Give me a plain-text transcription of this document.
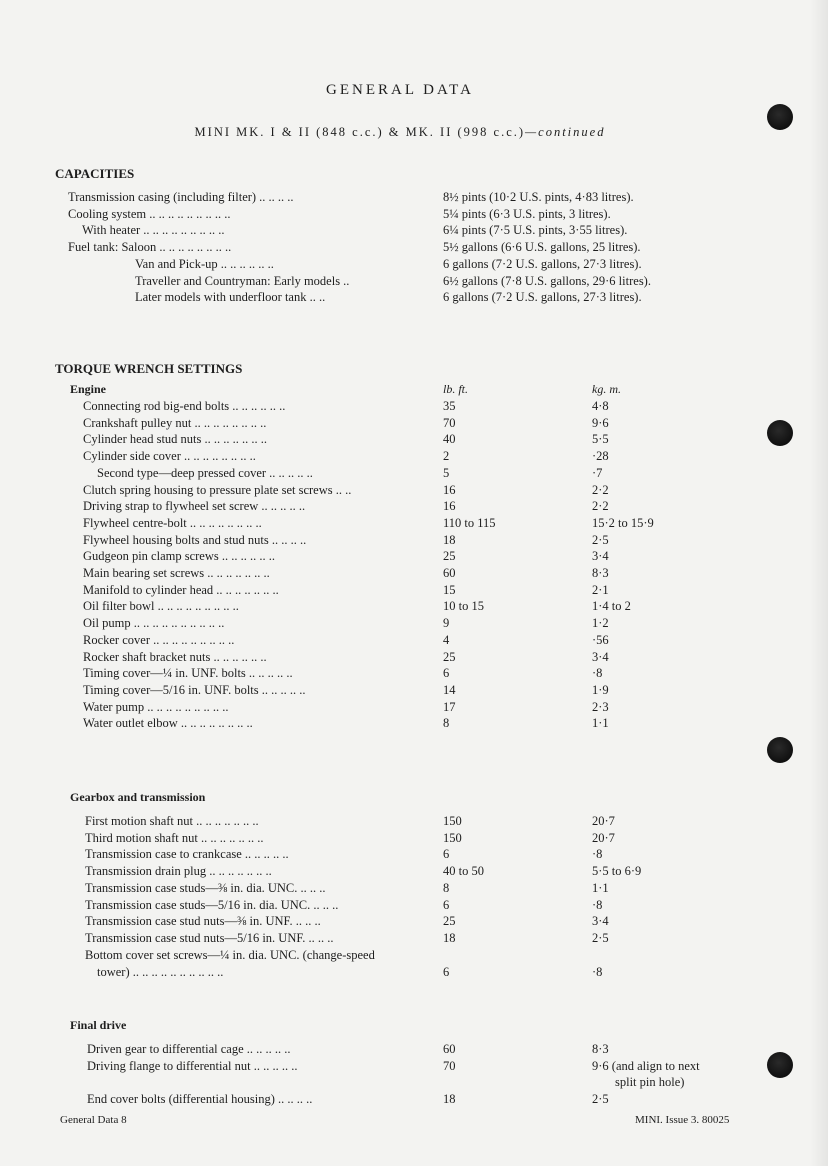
GENERAL DATA
MINI MK. I & II (848 c.c.) & MK. II (998 c.c.)—continued
CAPACITIES
Transmission casing (including filter) .. .. .. ..	8½ pints (10·2 U.S. pints, 4·83 litres).
Cooling system .. .. .. .. .. .. .. .. ..	5¼ pints (6·3 U.S. pints, 3 litres).
With heater .. .. .. .. .. .. .. .. ..	6¼ pints (7·5 U.S. pints, 3·55 litres).
Fuel tank: Saloon .. .. .. .. .. .. .. ..	5½ gallons (6·6 U.S. gallons, 25 litres).
Van and Pick-up .. .. .. .. .. ..	6 gallons (7·2 U.S. gallons, 27·3 litres).
Traveller and Countryman: Early models ..	6½ gallons (7·8 U.S. gallons, 29·6 litres).
Later models with underfloor tank .. ..	6 gallons (7·2 U.S. gallons, 27·3 litres).
TORQUE WRENCH SETTINGS
Engine	lb. ft.	kg. m.
Connecting rod big-end bolts .. .. .. .. .. ..	35	4·8
Crankshaft pulley nut .. .. .. .. .. .. .. ..	70	9·6
Cylinder head stud nuts .. .. .. .. .. .. ..	40	5·5
Cylinder side cover .. .. .. .. .. .. .. ..	2	·28
Second type—deep pressed cover .. .. .. .. ..	5	·7
Clutch spring housing to pressure plate set screws .. ..	16	2·2
Driving strap to flywheel set screw .. .. .. .. ..	16	2·2
Flywheel centre-bolt .. .. .. .. .. .. .. ..	110 to 115	15·2 to 15·9
Flywheel housing bolts and stud nuts .. .. .. ..	18	2·5
Gudgeon pin clamp screws .. .. .. .. .. ..	25	3·4
Main bearing set screws .. .. .. .. .. .. ..	60	8·3
Manifold to cylinder head .. .. .. .. .. .. ..	15	2·1
Oil filter bowl .. .. .. .. .. .. .. .. ..	10 to 15	1·4 to 2
Oil pump .. .. .. .. .. .. .. .. .. ..	9	1·2
Rocker cover .. .. .. .. .. .. .. .. ..	4	·56
Rocker shaft bracket nuts .. .. .. .. .. ..	25	3·4
Timing cover—¼ in. UNF. bolts .. .. .. .. ..	6	·8
Timing cover—5/16 in. UNF. bolts .. .. .. .. ..	14	1·9
Water pump .. .. .. .. .. .. .. .. ..	17	2·3
Water outlet elbow .. .. .. .. .. .. .. ..	8	1·1
Gearbox and transmission
First motion shaft nut .. .. .. .. .. .. ..	150	20·7
Third motion shaft nut .. .. .. .. .. .. ..	150	20·7
Transmission case to crankcase .. .. .. .. ..	6	·8
Transmission drain plug .. .. .. .. .. .. ..	40 to 50	5·5 to 6·9
Transmission case studs—⅜ in. dia. UNC. .. .. ..	8	1·1
Transmission case studs—5/16 in. dia. UNC. .. .. ..	6	·8
Transmission case stud nuts—⅜ in. UNF. .. .. ..	25	3·4
Transmission case stud nuts—5/16 in. UNF. .. .. ..	18	2·5
Bottom cover set screws—¼ in. dia. UNC. (change-speed
tower) .. .. .. .. .. .. .. .. .. ..	6	·8
Final drive
Driven gear to differential cage .. .. .. .. ..	60	8·3
Driving flange to differential nut .. .. .. .. ..	70	9·6 (and align to next
split pin hole)
End cover bolts (differential housing) .. .. .. ..	18	2·5
General Data 8	MINI. Issue 3. 80025
